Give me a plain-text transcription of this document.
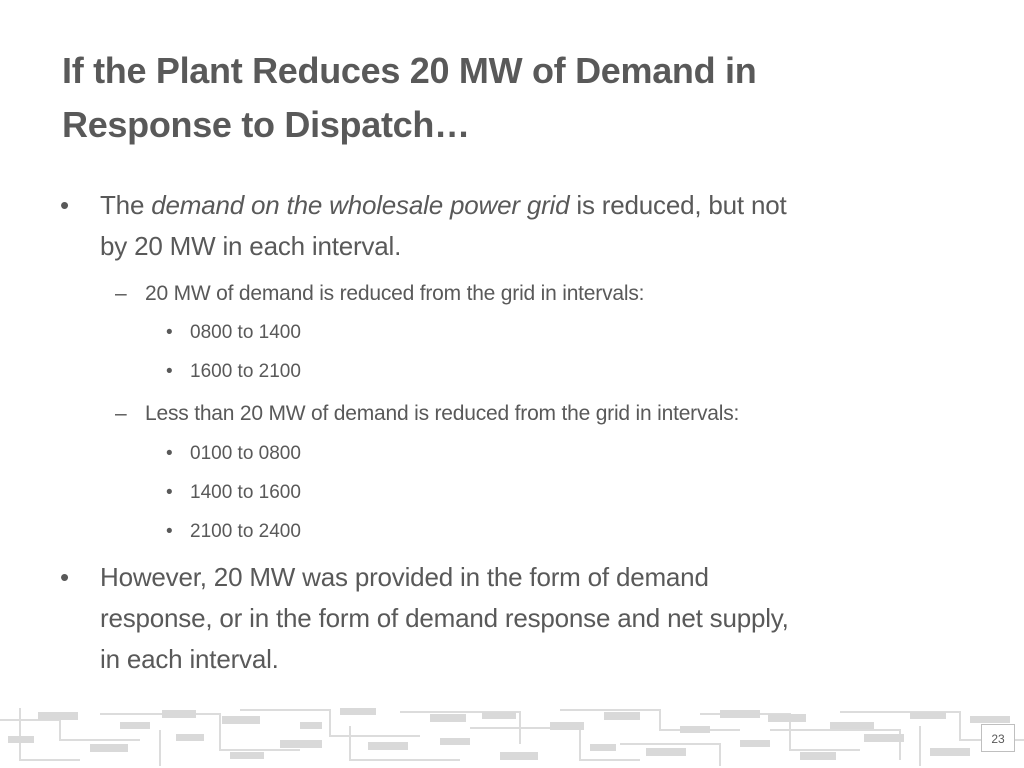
If the Plant Reduces 20 MW of Demand in
Response to Dispatch…
• The demand on the wholesale power grid is reduced, but not
by 20 MW in each interval.
– 20 MW of demand is reduced from the grid in intervals:
• 0800 to 1400
• 1600 to 2100
– Less than 20 MW of demand is reduced from the grid in intervals:
• 0100 to 0800
• 1400 to 1600
• 2100 to 2400
• However, 20 MW was provided in the form of demand
response, or in the form of demand response and net supply,
in each interval.
23
